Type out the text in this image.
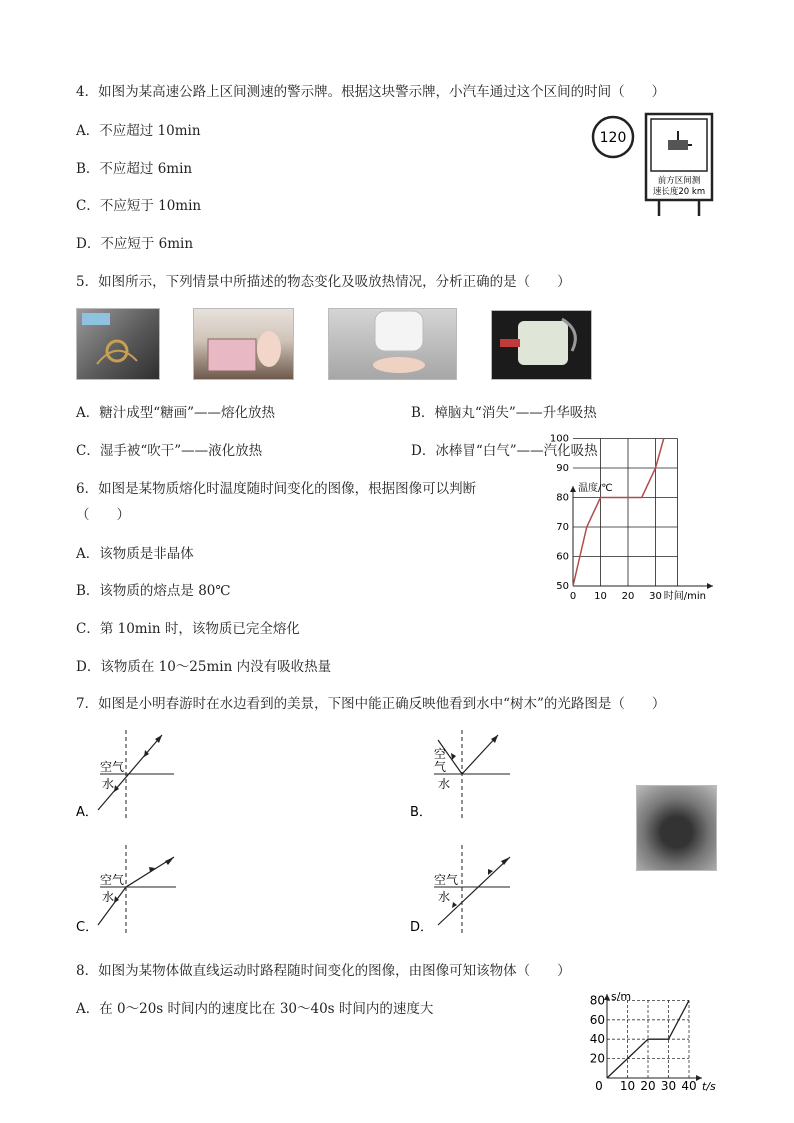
4．如图为某高速公路上区间测速的警示牌。根据这块警示牌，小汽车通过这个区间的时间（　　）
A．不应超过 10min
B．不应超过 6min
C．不应短于 10min
D．不应短于 6min
120
前方区间测
速长度20 km
5．如图所示，下列情景中所描述的物态变化及吸放热情况，分析正确的是（　　）
A．糖汁成型“糖画”——熔化放热	B．樟脑丸“消失”——升华吸热
C．湿手被“吹干”——液化放热	D．冰棒冒“白气”——汽化吸热
6．如图是某物质熔化时温度随时间变化的图像，根据图像可以判断
（　　）
A．该物质是非晶体
B．该物质的熔点是 80℃
C．第 10min 时，该物质已完全熔化
D．该物质在 10～25min 内没有吸收热量
50
60
70
80
90
100
0 10 20 30
温度/℃
时间/min
7．如图是小明春游时在水边看到的美景，下图中能正确反映他看到水中“树木”的光路图是（　　）
空气
水
A．
空
气
水
B．
空气
水
C．
空气
水
D．
8．如图为某物体做直线运动时路程随时间变化的图像，由图像可知该物体（　　）
A．在 0～20s 时间内的速度比在 30～40s 时间内的速度大
20
40
60
80
0 10 20 30 40
s/m
t/s
